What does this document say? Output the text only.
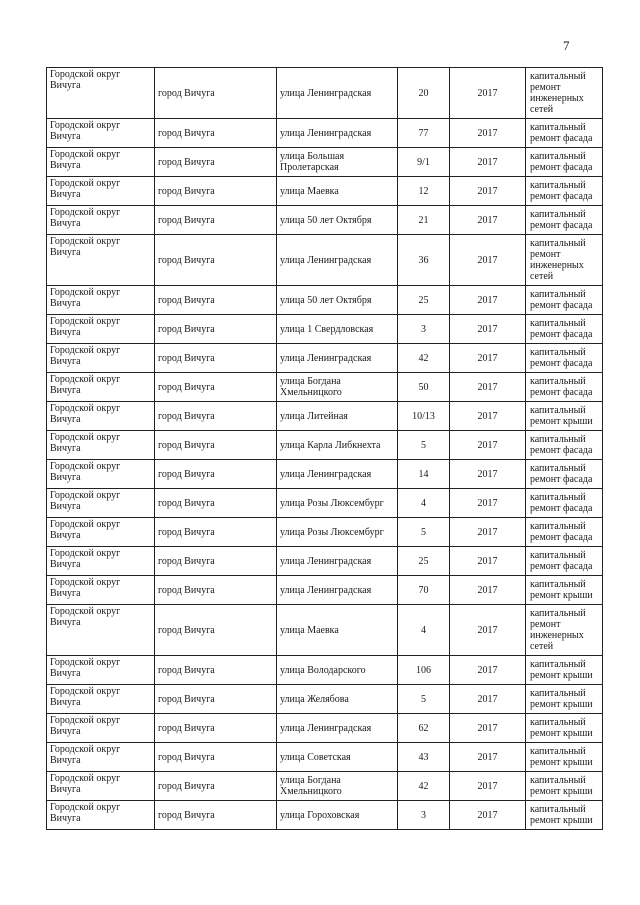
7
Городской округ Вичуга	город Вичуга	улица Ленинградская	20	2017	капитальный ремонт инженерных сетей
Городской округ Вичуга	город Вичуга	улица Ленинградская	77	2017	капитальный ремонт фасада
Городской округ Вичуга	город Вичуга	улица Большая Пролетарская	9/1	2017	капитальный ремонт фасада
Городской округ Вичуга	город Вичуга	улица Маевка	12	2017	капитальный ремонт фасада
Городской округ Вичуга	город Вичуга	улица 50 лет Октября	21	2017	капитальный ремонт фасада
Городской округ Вичуга	город Вичуга	улица Ленинградская	36	2017	капитальный ремонт инженерных сетей
Городской округ Вичуга	город Вичуга	улица 50 лет Октября	25	2017	капитальный ремонт фасада
Городской округ Вичуга	город Вичуга	улица 1 Свердловская	3	2017	капитальный ремонт фасада
Городской округ Вичуга	город Вичуга	улица Ленинградская	42	2017	капитальный ремонт фасада
Городской округ Вичуга	город Вичуга	улица Богдана Хмельницкого	50	2017	капитальный ремонт фасада
Городской округ Вичуга	город Вичуга	улица Литейная	10/13	2017	капитальный ремонт крыши
Городской округ Вичуга	город Вичуга	улица Карла Либкнехта	5	2017	капитальный ремонт фасада
Городской округ Вичуга	город Вичуга	улица Ленинградская	14	2017	капитальный ремонт фасада
Городской округ Вичуга	город Вичуга	улица Розы Люксембург	4	2017	капитальный ремонт фасада
Городской округ Вичуга	город Вичуга	улица Розы Люксембург	5	2017	капитальный ремонт фасада
Городской округ Вичуга	город Вичуга	улица Ленинградская	25	2017	капитальный ремонт фасада
Городской округ Вичуга	город Вичуга	улица Ленинградская	70	2017	капитальный ремонт крыши
Городской округ Вичуга	город Вичуга	улица Маевка	4	2017	капитальный ремонт инженерных сетей
Городской округ Вичуга	город Вичуга	улица Володарского	106	2017	капитальный ремонт крыши
Городской округ Вичуга	город Вичуга	улица Желябова	5	2017	капитальный ремонт крыши
Городской округ Вичуга	город Вичуга	улица Ленинградская	62	2017	капитальный ремонт крыши
Городской округ Вичуга	город Вичуга	улица Советская	43	2017	капитальный ремонт крыши
Городской округ Вичуга	город Вичуга	улица Богдана Хмельницкого	42	2017	капитальный ремонт крыши
Городской округ Вичуга	город Вичуга	улица Гороховская	3	2017	капитальный ремонт крыши
